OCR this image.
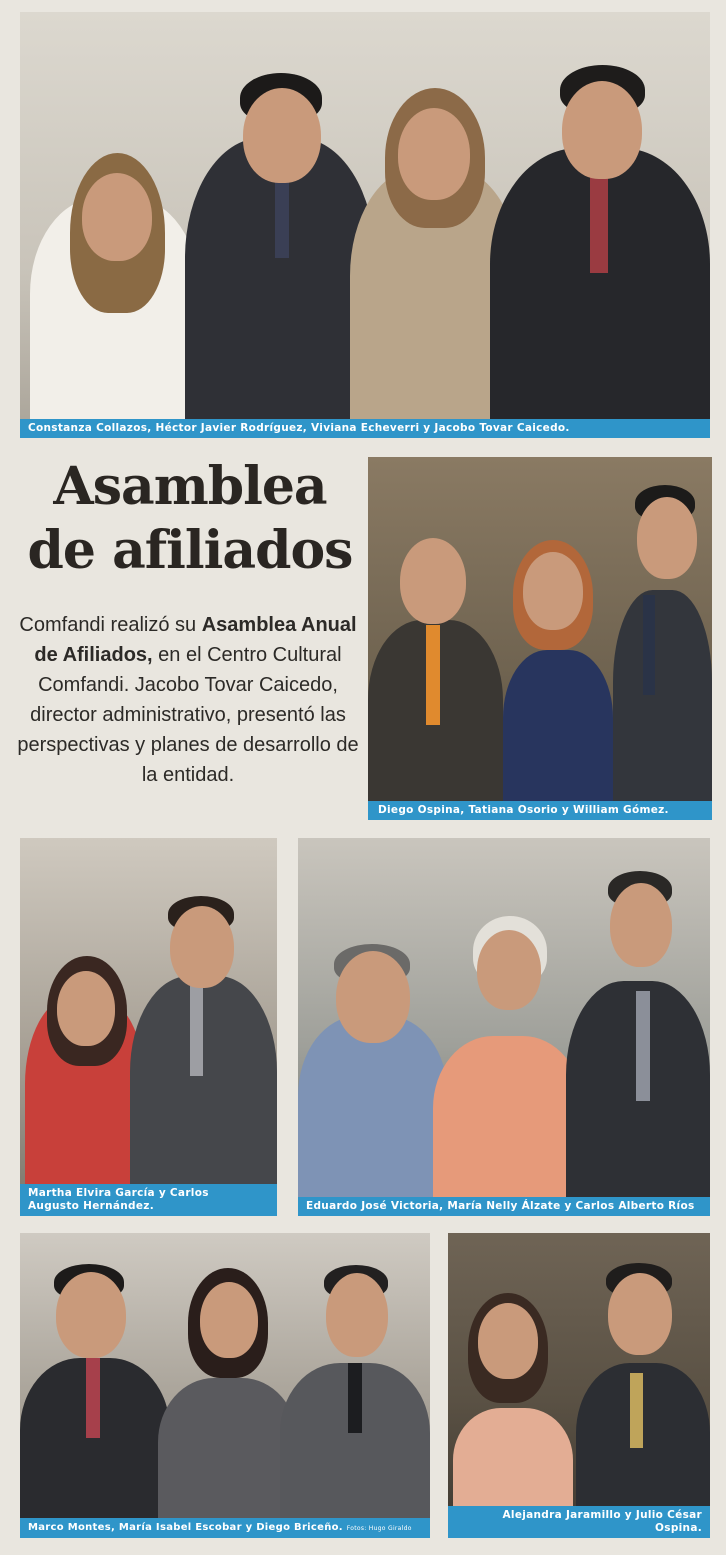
Constanza Collazos, Héctor Javier Rodríguez, Viviana Echeverri y Jacobo Tovar Caicedo.
Asamblea
de afiliados

Comfandi realizó su Asamblea Anual de Afiliados, en el Centro Cultural Comfandi. Jacobo Tovar Caicedo, director administrativo, presentó las perspectivas y planes de desarrollo de la entidad.

Diego Ospina, Tatiana Osorio y William Gómez.
Martha Elvira García y Carlos
Augusto Hernández.	Eduardo José Victoria, María Nelly Álzate y Carlos Alberto Ríos
Marco Montes, María Isabel Escobar y Diego Briceño. Fotos: Hugo Giraldo
Alejandra Jaramillo y Julio César Ospina.
